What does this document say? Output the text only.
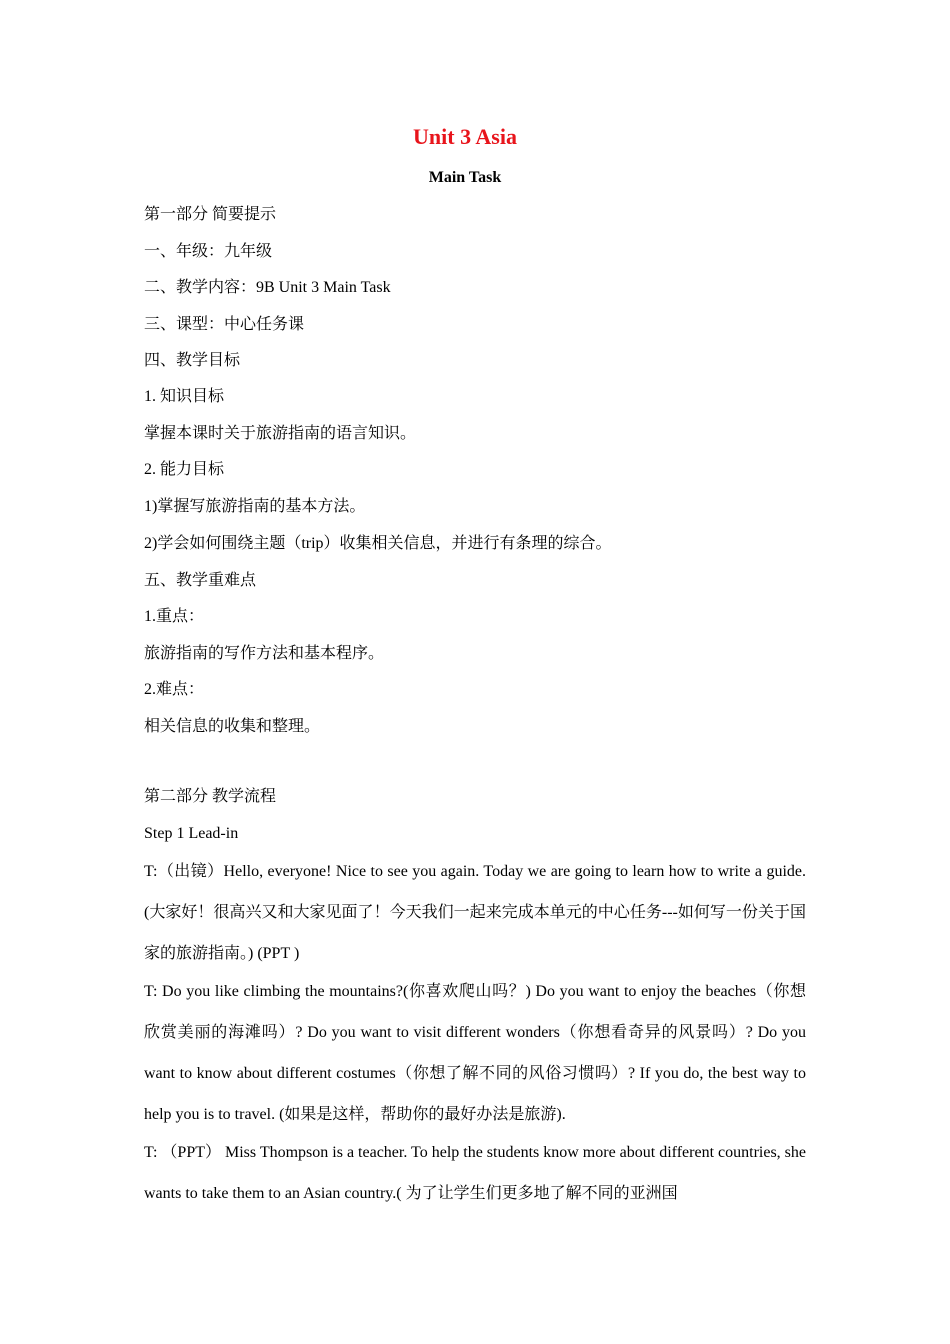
Unit 3 Asia
Main Task

第一部分 简要提示

一、年级：九年级

二、教学内容：9B Unit 3 Main Task

三、课型：中心任务课

四、教学目标

1. 知识目标

掌握本课时关于旅游指南的语言知识。

2. 能力目标

1)掌握写旅游指南的基本方法。

2)学会如何围绕主题（trip）收集相关信息，并进行有条理的综合。

五、教学重难点

1.重点：

旅游指南的写作方法和基本程序。

2.难点：

相关信息的收集和整理。

第二部分 教学流程

Step 1 Lead-in

T:（出镜）Hello, everyone! Nice to see you again. Today we are going to learn how to write a guide. (大家好！很高兴又和大家见面了！今天我们一起来完成本单元的中心任务---如何写一份关于国家的旅游指南。) (PPT )

T: Do you like climbing the mountains?(你喜欢爬山吗？) Do you want to enjoy the beaches（你想欣赏美丽的海滩吗）? Do you want to visit different wonders（你想看奇异的风景吗）? Do you want to know about different costumes（你想了解不同的风俗习惯吗）? If you do, the best way to help you is to travel. (如果是这样，帮助你的最好办法是旅游).

T: （PPT） Miss Thompson is a teacher. To help the students know more about different countries, she wants to take them to an Asian country.( 为了让学生们更多地了解不同的亚洲国
